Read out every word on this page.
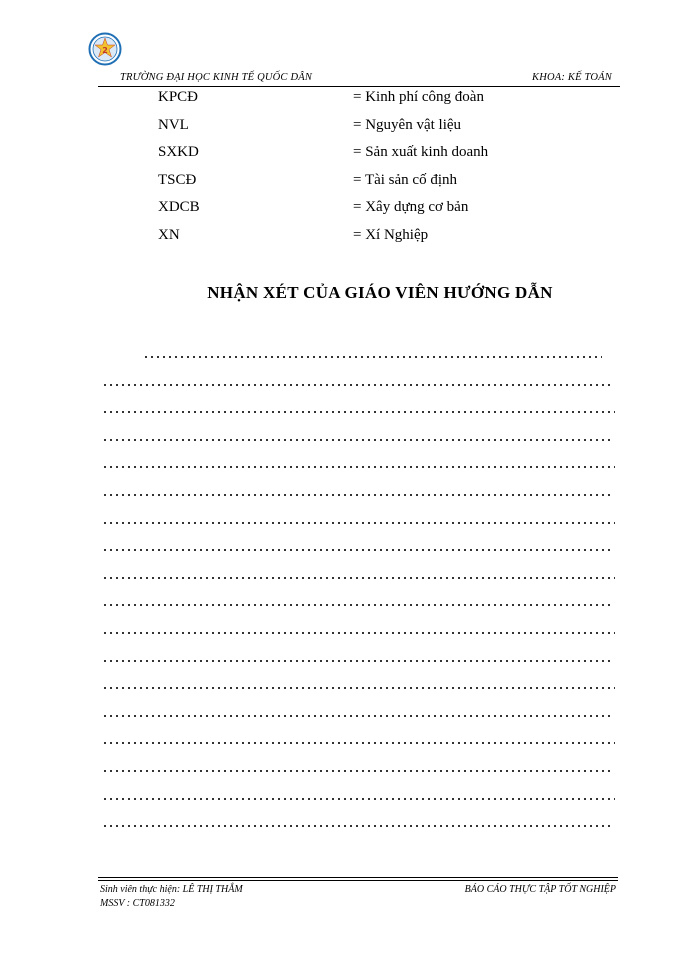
2
TRƯỜNG ĐẠI HỌC KINH TẾ QUỐC DÂN	KHOA: KẾ TOÁN
KPCĐ	= Kinh phí công đoàn
NVL	= Nguyên vật liệu
SXKD	= Sản xuất kinh doanh
TSCĐ	= Tài sản cố định
XDCB	= Xây dựng cơ bản
XN	= Xí Nghiệp
NHẬN XÉT CỦA GIÁO VIÊN HƯỚNG DẪN
Sinh viên thực hiện: LÊ THỊ THẮM
MSSV : CT081332
BÁO CÁO THỰC TẬP TỐT NGHIỆP
